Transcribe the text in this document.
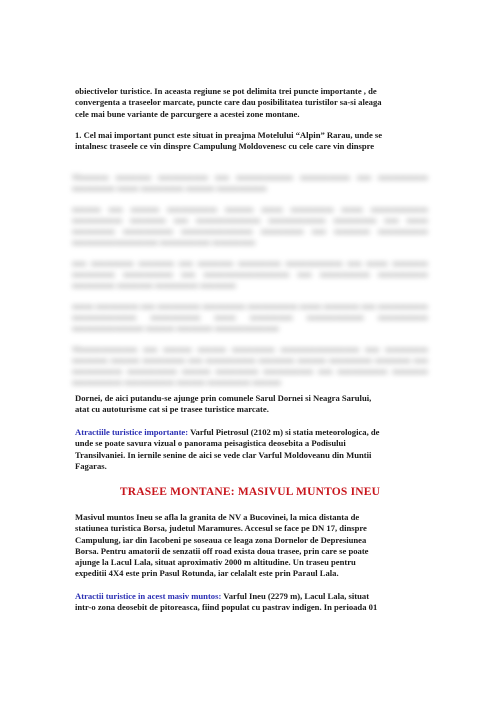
obiectivelor turistice. In aceasta regiune se pot delimita trei puncte importante , de
convergenta a traseelor marcate, puncte care dau posibilitatea turistilor sa-si aleaga
cele mai bune variante de parcurgere a acestei zone montane.

1. Cel mai important punct este situat in preajma Motelului “Alpin” Rarau, unde se
intalnesc traseele ce vin dinspre Campulung Moldovenesc cu cele care vin dinspre

Mmmmm mmmmm mmmmmmm mm mmmmmmmm mmmmmmm mm mmmmmmm mmmmmm mmm mmmmmm mmmm mmmmmmm

mmmm mm mmmm mmmmmmm mmmm mmm mmmmmm mmm mmmmmmmm mmmmmmm mmmmm mm mmmmmmmmm mmmmmmmm mmmmmm mm mmm mmmmmm mmmmmmm mmmmmmmmmm mmmmmm mm mmmmm mmmmmmm mmmmmmmmmmmm mmmmmmm mmmmmm

mm mmmmmm mmmmm mm mmmmm mmmmmm mmmmmmmm mm mmm mmmmm mmmmmm mmmmmmm mm mmmmmmmmmmmm mm mmmmmmm mmmmmmm mmmmmm mmmmm mmmmmm mmmmm

mmm mmmmmm mm mmmmmm mmmmmm mmmmmmm mmm mmmmm mm mmmmmmm mmmmmmmmm mmmmmmm mmm mmmmmm mmmmmmmm mmmmmmm mmmmmmmmmm mmmm mmmmm mmmmmmmmm

Mmmmmmmmm mm mmmm mmmm mmmmmm mmmmmmmmmmm mm mmmmmm mmmmm mmmm mmmmmm mm mmmmmmm mmmmm mmmm mmmmmm mmmmm mm mmmmmmm mmmmmmm mmmm mmmmmm mmmmmmm mm mmmmmmm mmmmm mmmmmmm mmmmmmm mmmm mmmmmm mmmm

Dornei, de aici putandu-se ajunge prin comunele Sarul Dornei si Neagra Sarului,
atat cu autoturisme cat si pe trasee turistice marcate.

Atractiile turistice importante: Varful Pietrosul (2102 m) si statia meteorologica, de
unde se poate savura vizual o panorama peisagistica deosebita a Podisului
Transilvaniei. In iernile senine de aici se vede clar Varful Moldoveanu din Muntii
Fagaras.

TRASEE MONTANE: MASIVUL MUNTOS INEU

Masivul muntos Ineu se afla la granita de NV a Bucovinei, la mica distanta de
statiunea turistica Borsa, judetul Maramures. Accesul se face pe DN 17, dinspre
Campulung, iar din Iacobeni pe soseaua ce leaga zona Dornelor de Depresiunea
Borsa. Pentru amatorii de senzatii off road exista doua trasee, prin care se poate
ajunge la Lacul Lala, situat aproximativ 2000 m altitudine. Un traseu pentru
expeditii 4X4 este prin Pasul Rotunda, iar celalalt este prin Paraul Lala.

Atractii turistice in acest masiv muntos: Varful Ineu (2279 m), Lacul Lala, situat
intr-o zona deosebit de pitoreasca, fiind populat cu pastrav indigen. In perioada 01
